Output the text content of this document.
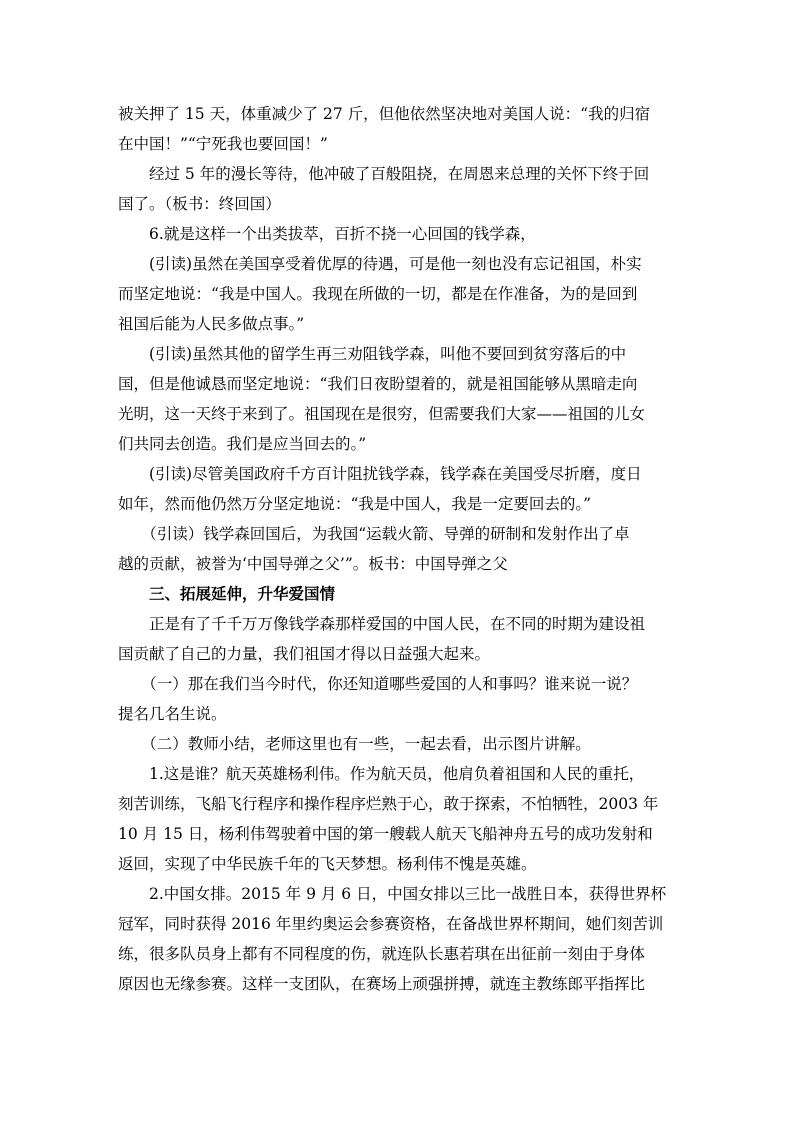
被关押了 15 天，体重减少了 27 斤，但他依然坚决地对美国人说：“我的归宿
在中国！”“宁死我也要回国！”
　　经过 5 年的漫长等待，他冲破了百般阻挠，在周恩来总理的关怀下终于回
国了。（板书：终回国）
　　6.就是这样一个出类拔萃，百折不挠一心回国的钱学森，
　　(引读)虽然在美国享受着优厚的待遇，可是他一刻也没有忘记祖国，朴实
而坚定地说：“我是中国人。我现在所做的一切，都是在作准备，为的是回到
祖国后能为人民多做点事。”
　　(引读)虽然其他的留学生再三劝阻钱学森，叫他不要回到贫穷落后的中
国，但是他诚恳而坚定地说：“我们日夜盼望着的，就是祖国能够从黑暗走向
光明，这一天终于来到了。祖国现在是很穷，但需要我们大家——祖国的儿女
们共同去创造。我们是应当回去的。”
　　(引读)尽管美国政府千方百计阻扰钱学森，钱学森在美国受尽折磨，度日
如年，然而他仍然万分坚定地说：“我是中国人，我是一定要回去的。”
　　（引读）钱学森回国后，为我国“运载火箭、导弹的研制和发射作出了卓
越的贡献，被誉为‘中国导弹之父’”。板书：中国导弹之父
　　三、拓展延伸，升华爱国情
　　正是有了千千万万像钱学森那样爱国的中国人民，在不同的时期为建设祖
国贡献了自己的力量，我们祖国才得以日益强大起来。
　　（一）那在我们当今时代，你还知道哪些爱国的人和事吗？谁来说一说？
提名几名生说。
　　（二）教师小结，老师这里也有一些，一起去看，出示图片讲解。
　　1.这是谁？航天英雄杨利伟。作为航天员，他肩负着祖国和人民的重托，
刻苦训练，飞船飞行程序和操作程序烂熟于心，敢于探索，不怕牺牲，2003 年
10 月 15 日，杨利伟驾驶着中国的第一艘载人航天飞船神舟五号的成功发射和
返回，实现了中华民族千年的飞天梦想。杨利伟不愧是英雄。
　　2.中国女排。2015 年 9 月 6 日，中国女排以三比一战胜日本，获得世界杯
冠军，同时获得 2016 年里约奥运会参赛资格，在备战世界杯期间，她们刻苦训
练，很多队员身上都有不同程度的伤，就连队长惠若琪在出征前一刻由于身体
原因也无缘参赛。这样一支团队，在赛场上顽强拼搏，就连主教练郎平指挥比
